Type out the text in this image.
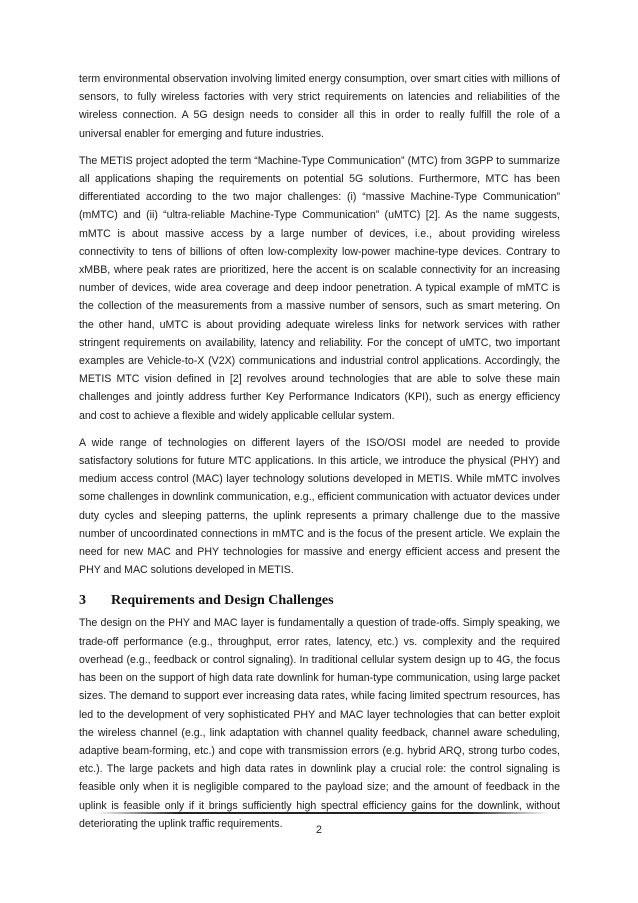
term environmental observation involving limited energy consumption, over smart cities with millions of sensors, to fully wireless factories with very strict requirements on latencies and reliabilities of the wireless connection. A 5G design needs to consider all this in order to really fulfill the role of a universal enabler for emerging and future industries.

The METIS project adopted the term “Machine-Type Communication” (MTC) from 3GPP to summarize all applications shaping the requirements on potential 5G solutions. Furthermore, MTC has been differentiated according to the two major challenges: (i) “massive Machine-Type Communication” (mMTC) and (ii) “ultra-reliable Machine-Type Communication” (uMTC) [2]. As the name suggests, mMTC is about massive access by a large number of devices, i.e., about providing wireless connectivity to tens of billions of often low-complexity low-power machine-type devices. Contrary to xMBB, where peak rates are prioritized, here the accent is on scalable connectivity for an increasing number of devices, wide area coverage and deep indoor penetration. A typical example of mMTC is the collection of the measurements from a massive number of sensors, such as smart metering. On the other hand, uMTC is about providing adequate wireless links for network services with rather stringent requirements on availability, latency and reliability. For the concept of uMTC, two important examples are Vehicle-to-X (V2X) communications and industrial control applications. Accordingly, the METIS MTC vision defined in [2] revolves around technologies that are able to solve these main challenges and jointly address further Key Performance Indicators (KPI), such as energy efficiency and cost to achieve a flexible and widely applicable cellular system.

A wide range of technologies on different layers of the ISO/OSI model are needed to provide satisfactory solutions for future MTC applications. In this article, we introduce the physical (PHY) and medium access control (MAC) layer technology solutions developed in METIS. While mMTC involves some challenges in downlink communication, e.g., efficient communication with actuator devices under duty cycles and sleeping patterns, the uplink represents a primary challenge due to the massive number of uncoordinated connections in mMTC and is the focus of the present article. We explain the need for new MAC and PHY technologies for massive and energy efficient access and present the PHY and MAC solutions developed in METIS.

3 Requirements and Design Challenges

The design on the PHY and MAC layer is fundamentally a question of trade-offs. Simply speaking, we trade-off performance (e.g., throughput, error rates, latency, etc.) vs. complexity and the required overhead (e.g., feedback or control signaling). In traditional cellular system design up to 4G, the focus has been on the support of high data rate downlink for human-type communication, using large packet sizes. The demand to support ever increasing data rates, while facing limited spectrum resources, has led to the development of very sophisticated PHY and MAC layer technologies that can better exploit the wireless channel (e.g., link adaptation with channel quality feedback, channel aware scheduling, adaptive beam-forming, etc.) and cope with transmission errors (e.g. hybrid ARQ, strong turbo codes, etc.). The large packets and high data rates in downlink play a crucial role: the control signaling is feasible only when it is negligible compared to the payload size; and the amount of feedback in the uplink is feasible only if it brings sufficiently high spectral efficiency gains for the downlink, without deteriorating the uplink traffic requirements.

2
